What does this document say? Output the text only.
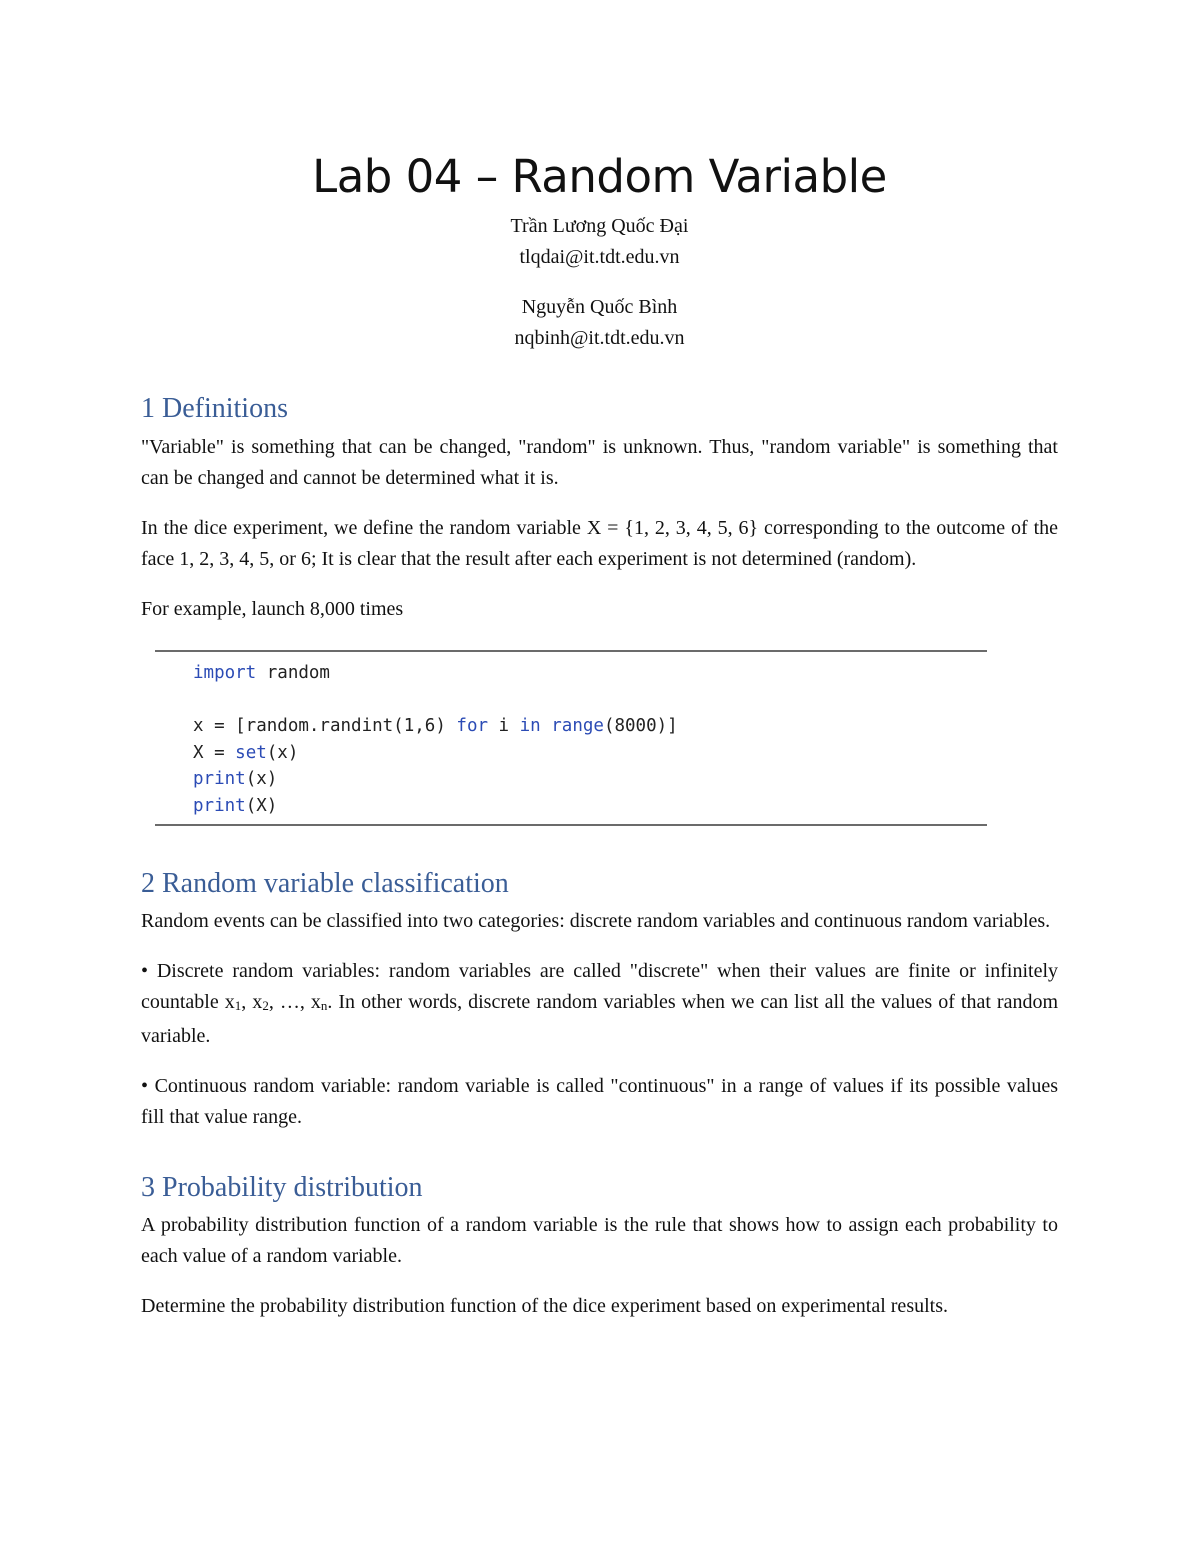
Lab 04 – Random Variable
Trần Lương Quốc Đại
tlqdai@it.tdt.edu.vn
Nguyễn Quốc Bình
nqbinh@it.tdt.edu.vn
1 Definitions

"Variable" is something that can be changed, "random" is unknown. Thus, "random variable" is something that can be changed and cannot be determined what it is.

In the dice experiment, we define the random variable X = {1, 2, 3, 4, 5, 6} corresponding to the outcome of the face 1, 2, 3, 4, 5, or 6; It is clear that the result after each experiment is not determined (random).

For example, launch 8,000 times

import random
x = [random.randint(1,6) for i in range(8000)]
X = set(x)
print(x)
print(X)
2 Random variable classification

Random events can be classified into two categories: discrete random variables and continuous random variables.

• Discrete random variables: random variables are called "discrete" when their values are finite or infinitely countable x1, x2, …, xn. In other words, discrete random variables when we can list all the values of that random variable.

• Continuous random variable: random variable is called "continuous" in a range of values if its possible values fill that value range.

3 Probability distribution

A probability distribution function of a random variable is the rule that shows how to assign each probability to each value of a random variable.

Determine the probability distribution function of the dice experiment based on experimental results.
